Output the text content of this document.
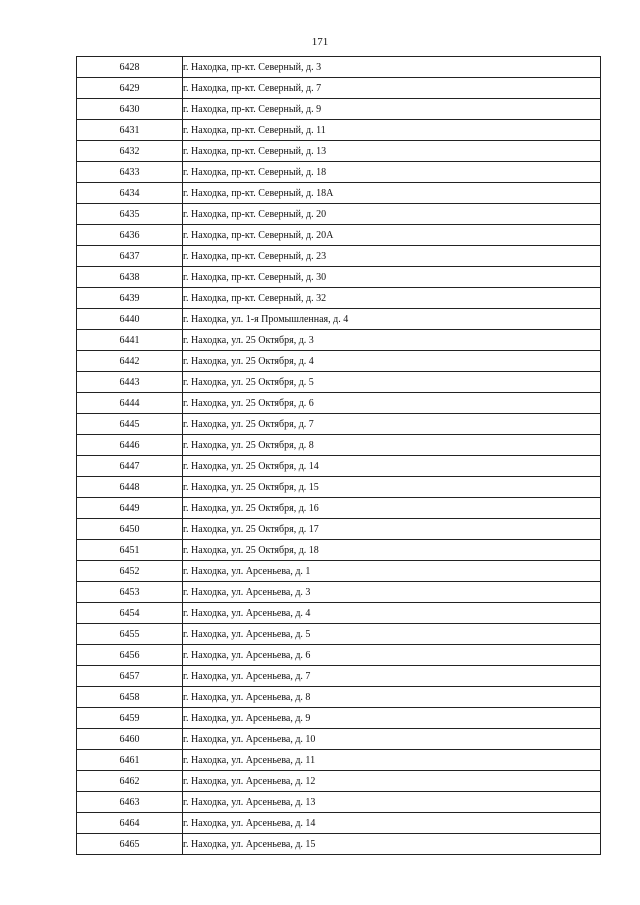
171
6428	г. Находка, пр-кт. Северный, д. 3
6429	г. Находка, пр-кт. Северный, д. 7
6430	г. Находка, пр-кт. Северный, д. 9
6431	г. Находка, пр-кт. Северный, д. 11
6432	г. Находка, пр-кт. Северный, д. 13
6433	г. Находка, пр-кт. Северный, д. 18
6434	г. Находка, пр-кт. Северный, д. 18А
6435	г. Находка, пр-кт. Северный, д. 20
6436	г. Находка, пр-кт. Северный, д. 20А
6437	г. Находка, пр-кт. Северный, д. 23
6438	г. Находка, пр-кт. Северный, д. 30
6439	г. Находка, пр-кт. Северный, д. 32
6440	г. Находка, ул. 1-я Промышленная, д. 4
6441	г. Находка, ул. 25 Октября, д. 3
6442	г. Находка, ул. 25 Октября, д. 4
6443	г. Находка, ул. 25 Октября, д. 5
6444	г. Находка, ул. 25 Октября, д. 6
6445	г. Находка, ул. 25 Октября, д. 7
6446	г. Находка, ул. 25 Октября, д. 8
6447	г. Находка, ул. 25 Октября, д. 14
6448	г. Находка, ул. 25 Октября, д. 15
6449	г. Находка, ул. 25 Октября, д. 16
6450	г. Находка, ул. 25 Октября, д. 17
6451	г. Находка, ул. 25 Октября, д. 18
6452	г. Находка, ул. Арсеньева, д. 1
6453	г. Находка, ул. Арсеньева, д. 3
6454	г. Находка, ул. Арсеньева, д. 4
6455	г. Находка, ул. Арсеньева, д. 5
6456	г. Находка, ул. Арсеньева, д. 6
6457	г. Находка, ул. Арсеньева, д. 7
6458	г. Находка, ул. Арсеньева, д. 8
6459	г. Находка, ул. Арсеньева, д. 9
6460	г. Находка, ул. Арсеньева, д. 10
6461	г. Находка, ул. Арсеньева, д. 11
6462	г. Находка, ул. Арсеньева, д. 12
6463	г. Находка, ул. Арсеньева, д. 13
6464	г. Находка, ул. Арсеньева, д. 14
6465	г. Находка, ул. Арсеньева, д. 15
